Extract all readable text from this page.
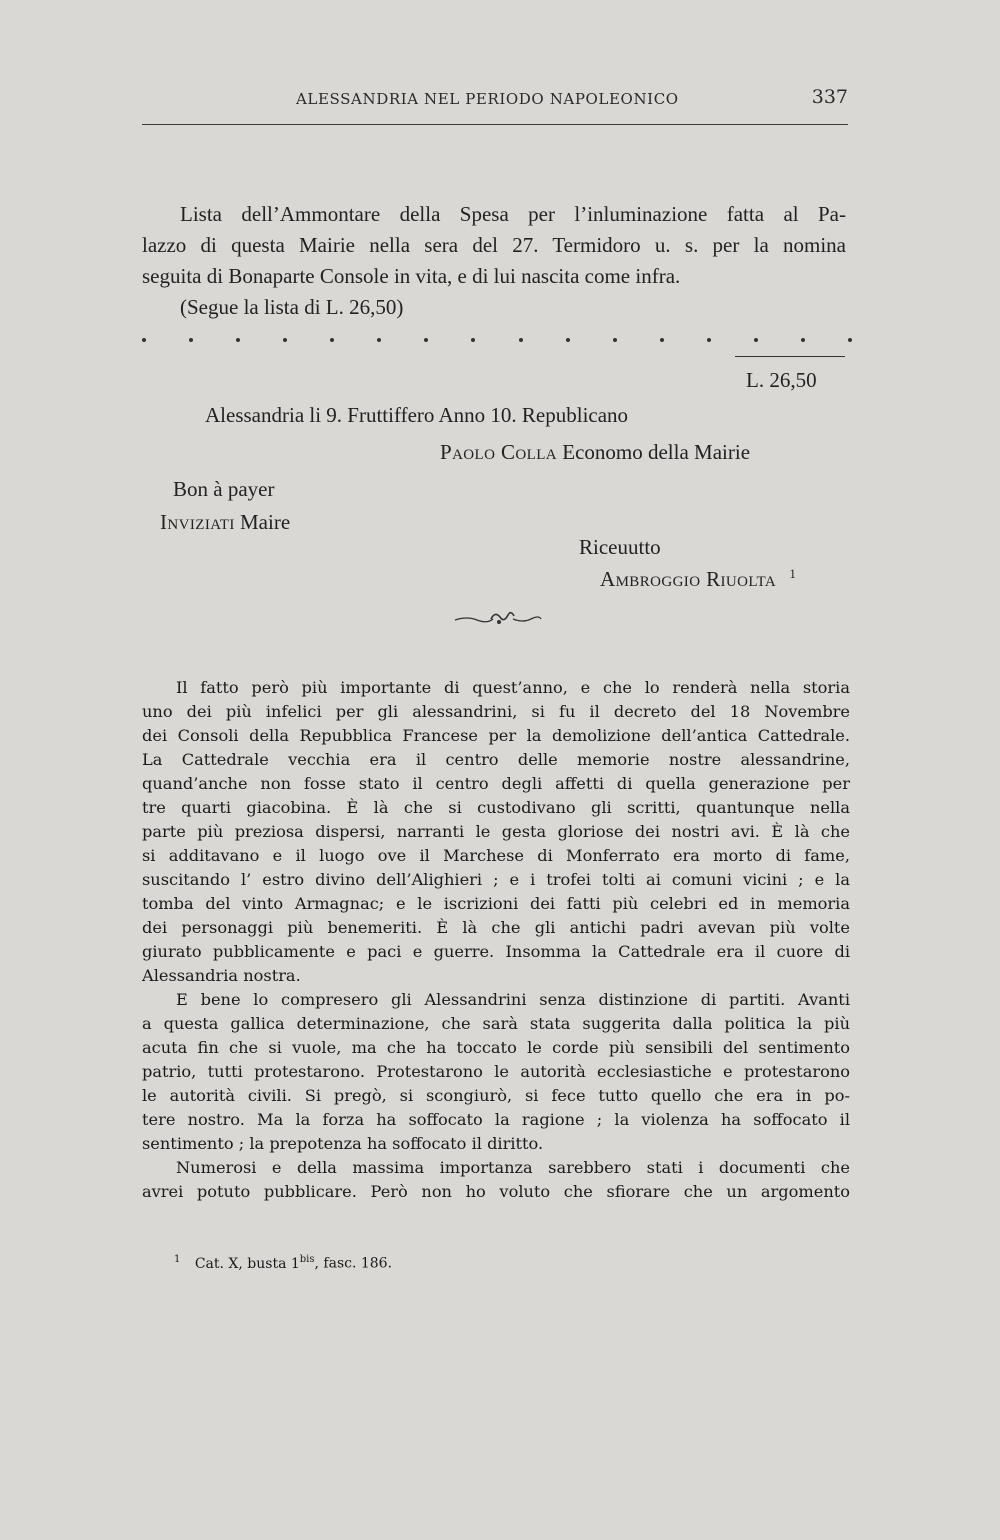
ALESSANDRIA NEL PERIODO NAPOLEONICO	337
Lista dell’Ammontare della Spesa per l’inluminazione fatta al Pa-
lazzo di questa Mairie nella sera del 27. Termidoro u. s. per la nomina
seguita di Bonaparte Console in vita, e di lui nascita come infra.
(Segue la lista di L. 26,50)
L. 26,50
Alessandria li 9. Fruttiffero Anno 10. Republicano
Paolo Colla Economo della Mairie
Bon à payer
Inviziati Maire
Riceuutto
Ambroggio Riuolta $^1$
Il fatto però più importante di quest’anno, e che lo renderà nella storia
uno dei più infelici per gli alessandrini, si fu il decreto del 18 Novembre
dei Consoli della Repubblica Francese per la demolizione dell’antica Cattedrale.
La Cattedrale vecchia era il centro delle memorie nostre alessandrine,
quand’anche non fosse stato il centro degli affetti di quella generazione per
tre quarti giacobina. È là che si custodivano gli scritti, quantunque nella
parte più preziosa dispersi, narranti le gesta gloriose dei nostri avi. È là che
si additavano e il luogo ove il Marchese di Monferrato era morto di fame,
suscitando l’ estro divino dell’Alighieri ; e i trofei tolti ai comuni vicini ; e la
tomba del vinto Armagnac; e le iscrizioni dei fatti più celebri ed in memoria
dei personaggi più benemeriti. È là che gli antichi padri avevan più volte
giurato pubblicamente e paci e guerre. Insomma la Cattedrale era il cuore di
Alessandria nostra.
E bene lo compresero gli Alessandrini senza distinzione di partiti. Avanti
a questa gallica determinazione, che sarà stata suggerita dalla politica la più
acuta fin che si vuole, ma che ha toccato le corde più sensibili del sentimento
patrio, tutti protestarono. Protestarono le autorità ecclesiastiche e protestarono
le autorità civili. Si pregò, si scongiurò, si fece tutto quello che era in po-
tere nostro. Ma la forza ha soffocato la ragione ; la violenza ha soffocato il
sentimento ; la prepotenza ha soffocato il diritto.
Numerosi e della massima importanza sarebbero stati i documenti che
avrei potuto pubblicare. Però non ho voluto che sfiorare che un argomento
$^1$ Cat. X, busta $1^{bis}$, fasc. 186.
